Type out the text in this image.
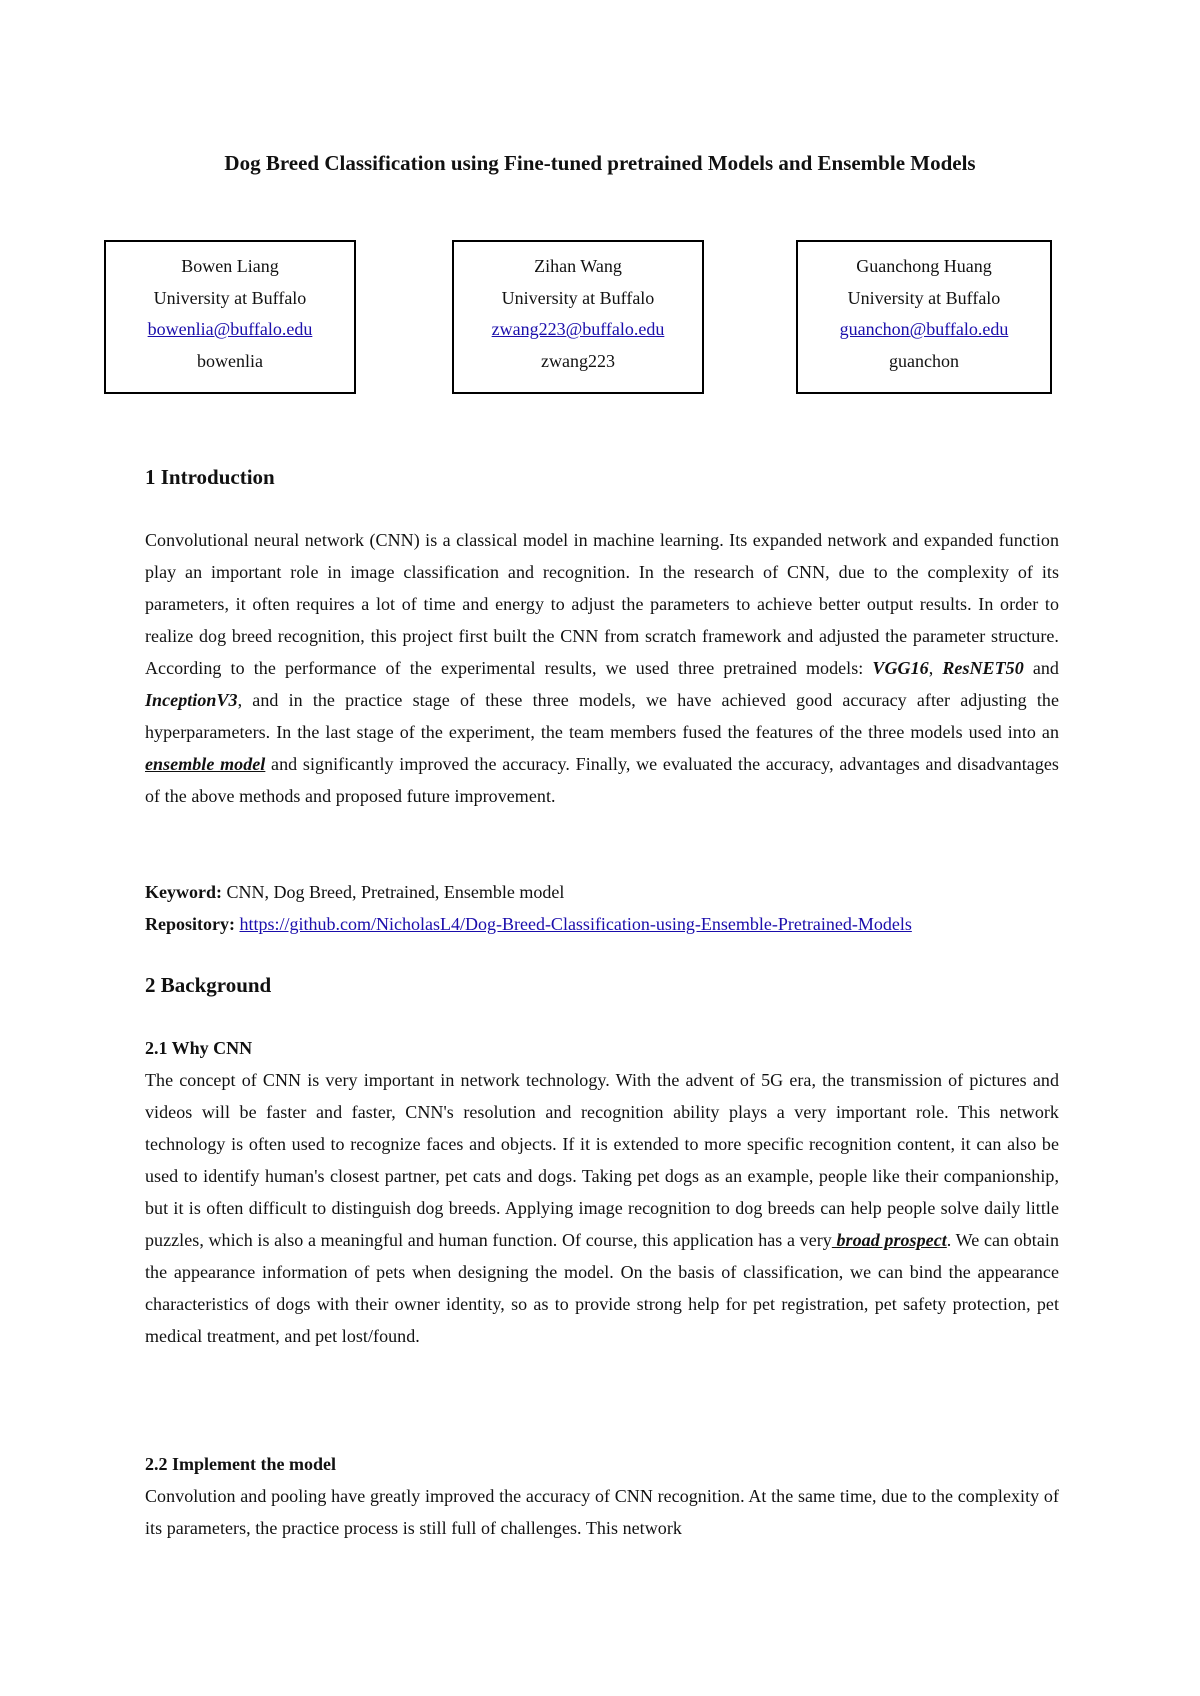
Dog Breed Classification using Fine-tuned pretrained Models and Ensemble Models
Bowen Liang
University at Buffalo
bowenlia@buffalo.edu
bowenlia
Zihan Wang
University at Buffalo
zwang223@buffalo.edu
zwang223
Guanchong Huang
University at Buffalo
guanchon@buffalo.edu
guanchon
1 Introduction

Convolutional neural network (CNN) is a classical model in machine learning. Its expanded network and expanded function play an important role in image classification and recognition. In the research of CNN, due to the complexity of its parameters, it often requires a lot of time and energy to adjust the parameters to achieve better output results. In order to realize dog breed recognition, this project first built the CNN from scratch framework and adjusted the parameter structure. According to the performance of the experimental results, we used three pretrained models: VGG16, ResNET50 and InceptionV3, and in the practice stage of these three models, we have achieved good accuracy after adjusting the hyperparameters. In the last stage of the experiment, the team members fused the features of the three models used into an ensemble model and significantly improved the accuracy. Finally, we evaluated the accuracy, advantages and disadvantages of the above methods and proposed future improvement.

Keyword: CNN, Dog Breed, Pretrained, Ensemble model
Repository: https://github.com/NicholasL4/Dog-Breed-Classification-using-Ensemble-Pretrained-Models
2 Background
2.1 Why CNN

The concept of CNN is very important in network technology. With the advent of 5G era, the transmission of pictures and videos will be faster and faster, CNN's resolution and recognition ability plays a very important role. This network technology is often used to recognize faces and objects. If it is extended to more specific recognition content, it can also be used to identify human's closest partner, pet cats and dogs. Taking pet dogs as an example, people like their companionship, but it is often difficult to distinguish dog breeds. Applying image recognition to dog breeds can help people solve daily little puzzles, which is also a meaningful and human function. Of course, this application has a very broad prospect. We can obtain the appearance information of pets when designing the model. On the basis of classification, we can bind the appearance characteristics of dogs with their owner identity, so as to provide strong help for pet registration, pet safety protection, pet medical treatment, and pet lost/found.

2.2 Implement the model

Convolution and pooling have greatly improved the accuracy of CNN recognition. At the same time, due to the complexity of its parameters, the practice process is still full of challenges. This network
